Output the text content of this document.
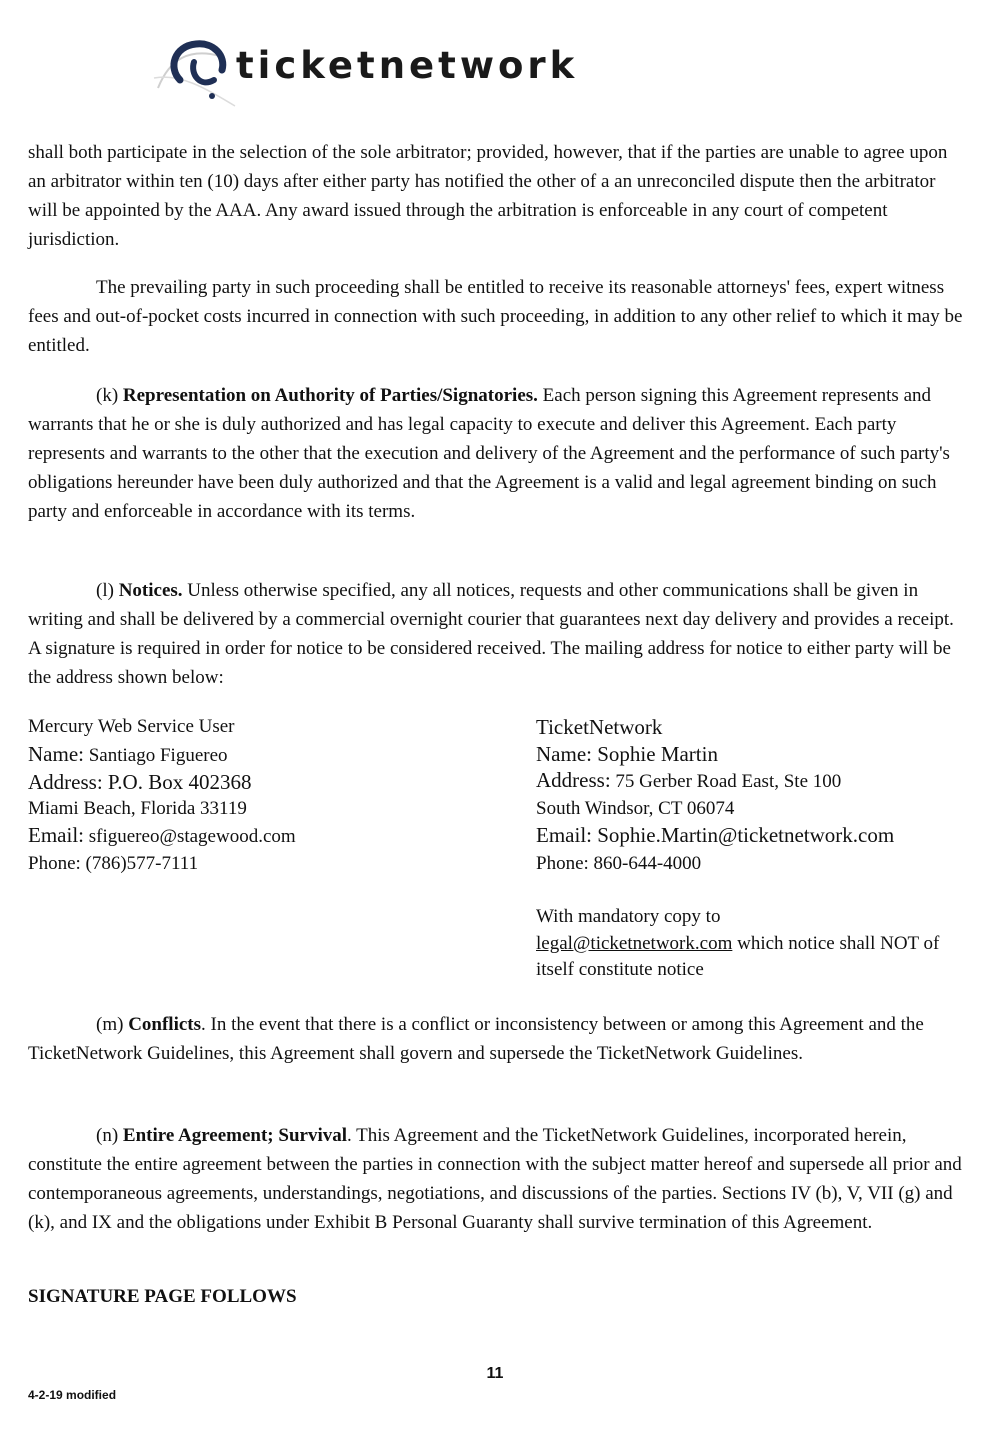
ticketnetwork

shall both participate in the selection of the sole arbitrator; provided, however, that if the parties are unable to agree upon an arbitrator within ten (10) days after either party has notified the other of a an unreconciled dispute then the arbitrator will be appointed by the AAA. Any award issued through the arbitration is enforceable in any court of competent jurisdiction.

The prevailing party in such proceeding shall be entitled to receive its reasonable attorneys' fees, expert witness fees and out-of-pocket costs incurred in connection with such proceeding, in addition to any other relief to which it may be entitled.

(k) Representation on Authority of Parties/Signatories. Each person signing this Agreement represents and warrants that he or she is duly authorized and has legal capacity to execute and deliver this Agreement. Each party represents and warrants to the other that the execution and delivery of the Agreement and the performance of such party's obligations hereunder have been duly authorized and that the Agreement is a valid and legal agreement binding on such party and enforceable in accordance with its terms.

(l) Notices. Unless otherwise specified, any all notices, requests and other communications shall be given in writing and shall be delivered by a commercial overnight courier that guarantees next day delivery and provides a receipt. A signature is required in order for notice to be considered received. The mailing address for notice to either party will be the address shown below:

Mercury Web Service User
Name: Santiago Figuereo
Address: P.O. Box 402368
Miami Beach, Florida 33119
Email: sfiguereo@stagewood.com
Phone: (786)577-7111
TicketNetwork
Name: Sophie Martin
Address: 75 Gerber Road East, Ste 100
South Windsor, CT 06074
Email: Sophie.Martin@ticketnetwork.com
Phone: 860-644-4000
With mandatory copy to
legal@ticketnetwork.com which notice shall NOT of itself constitute notice

(m) Conflicts. In the event that there is a conflict or inconsistency between or among this Agreement and the TicketNetwork Guidelines, this Agreement shall govern and supersede the TicketNetwork Guidelines.

(n) Entire Agreement; Survival. This Agreement and the TicketNetwork Guidelines, incorporated herein, constitute the entire agreement between the parties in connection with the subject matter hereof and supersede all prior and contemporaneous agreements, understandings, negotiations, and discussions of the parties. Sections IV (b), V, VII (g) and (k), and IX and the obligations under Exhibit B Personal Guaranty shall survive termination of this Agreement.

SIGNATURE PAGE FOLLOWS
11
4-2-19 modified
